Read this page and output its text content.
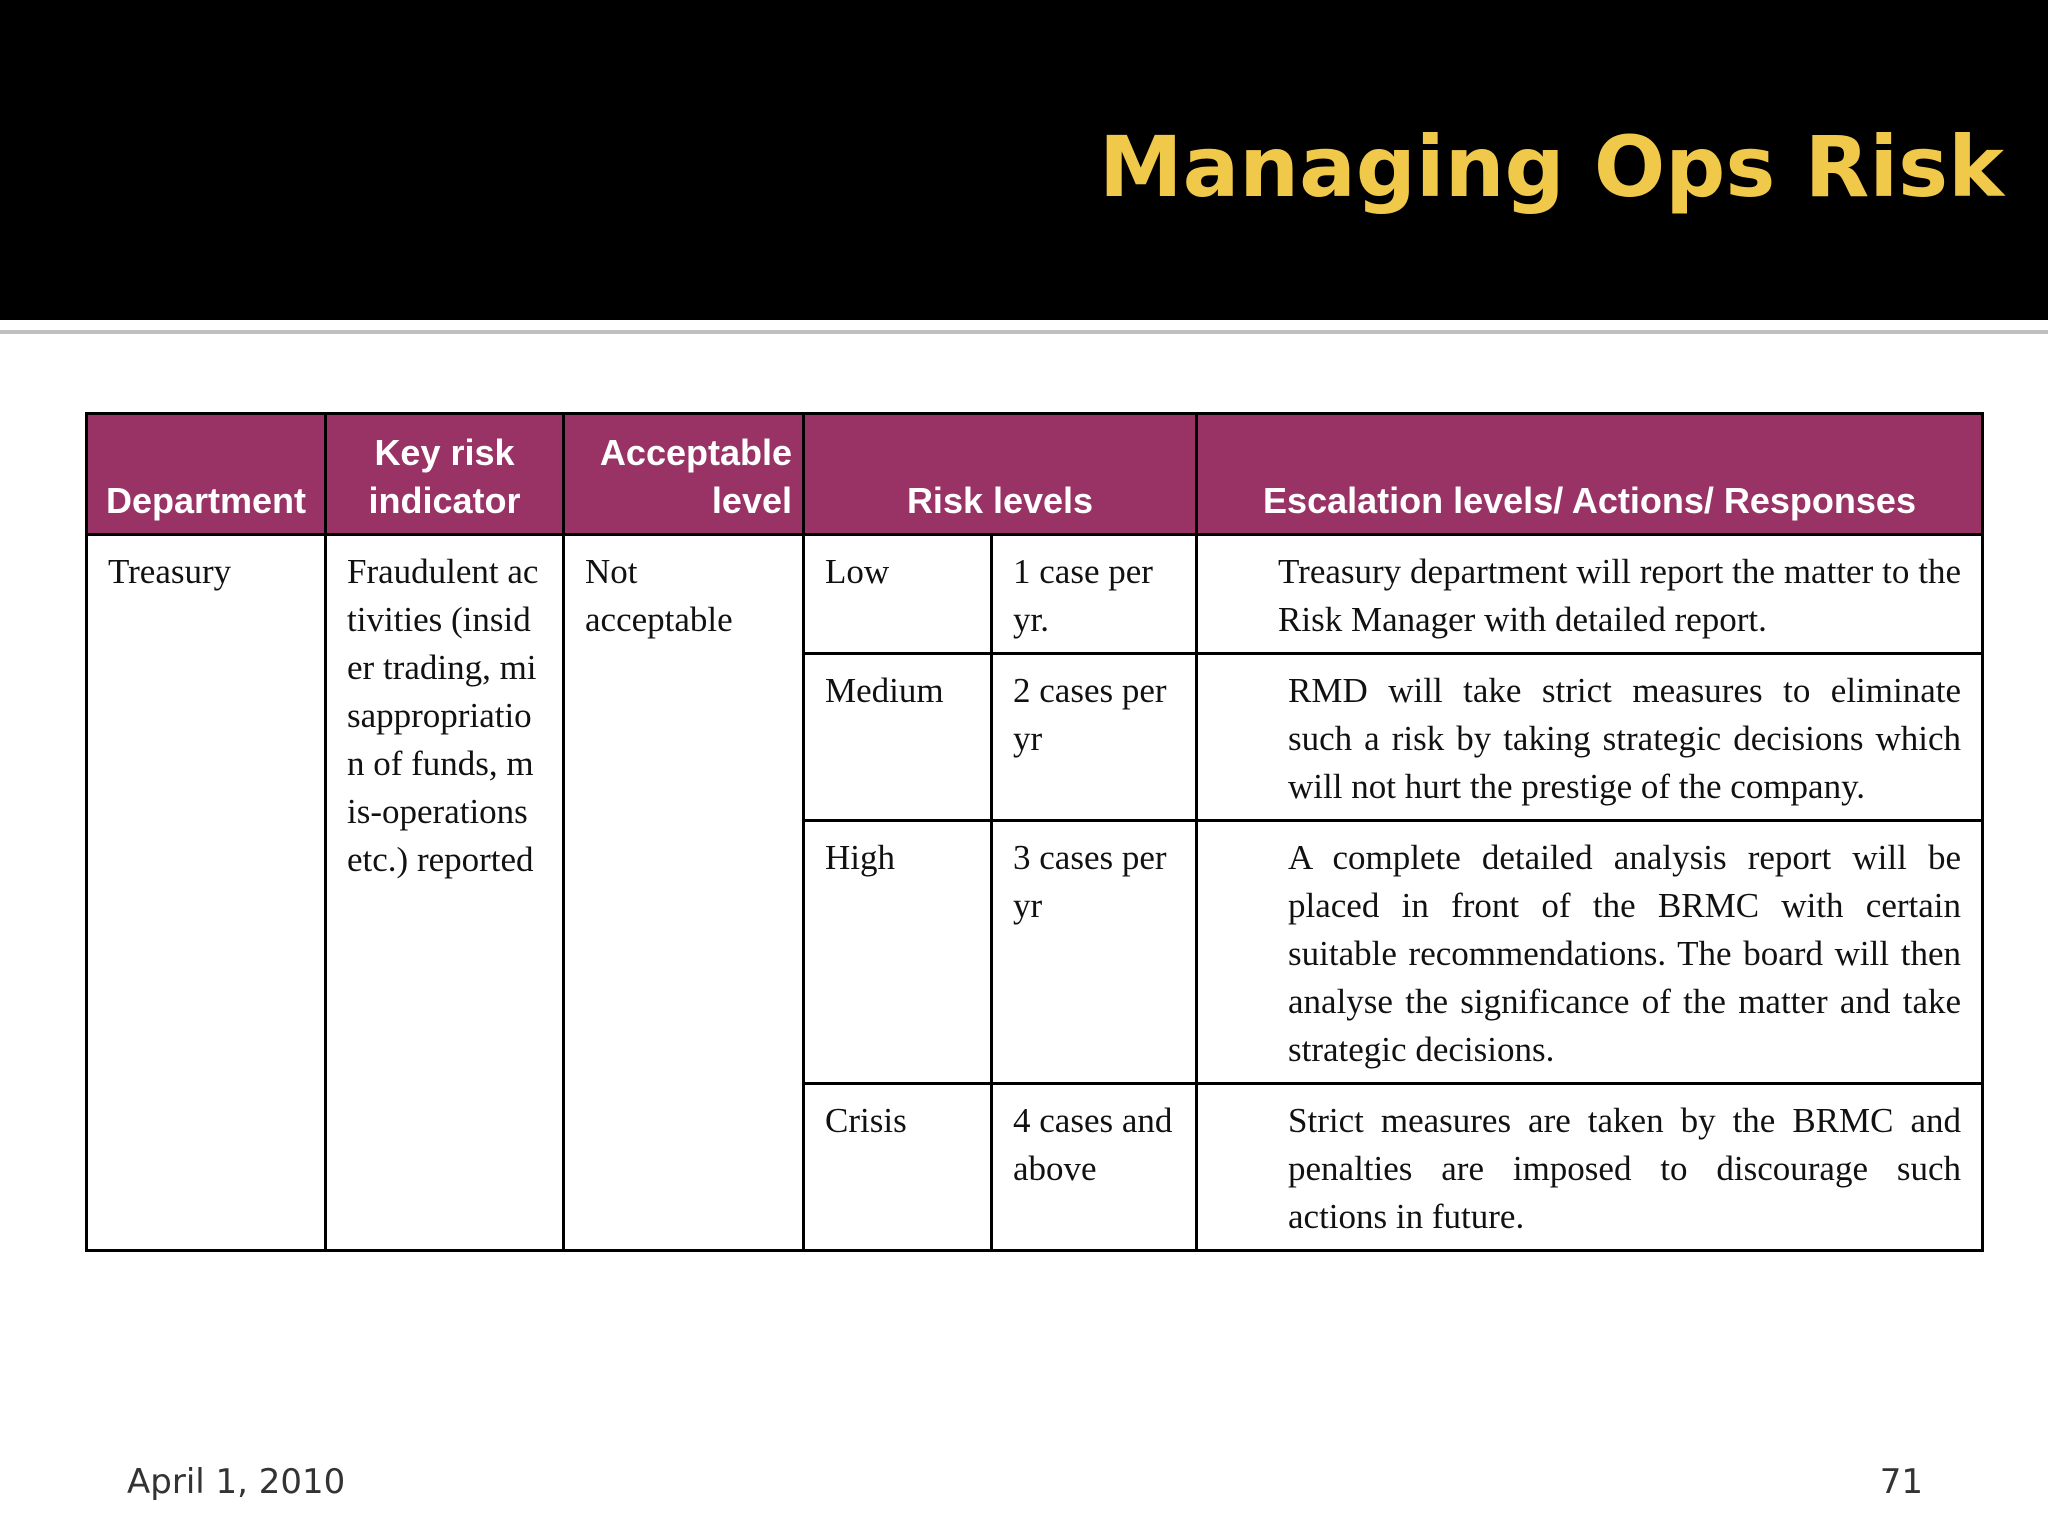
Managing Ops Risk
Department	Key risk indicator	Acceptable level	Risk levels		Escalation levels/ Actions/ Responses
Treasury	Fraudulent activities (insider trading, misappropriation of funds, mis-operations etc.) reported	Not acceptable	Low	1 case per yr.	Treasury department will report the matter to the Risk Manager with detailed report.
			Medium	2 cases per yr	RMD will take strict measures to eliminate such a risk by taking strategic decisions which will not hurt the prestige of the company.
			High	3 cases per yr	A complete detailed analysis report will be placed in front of the BRMC with certain suitable recommendations. The board will then analyse the significance of the matter and take strategic decisions.
			Crisis	4 cases and above	Strict measures are taken by the BRMC and penalties are imposed to discourage such actions in future.
April 1, 2010	71
